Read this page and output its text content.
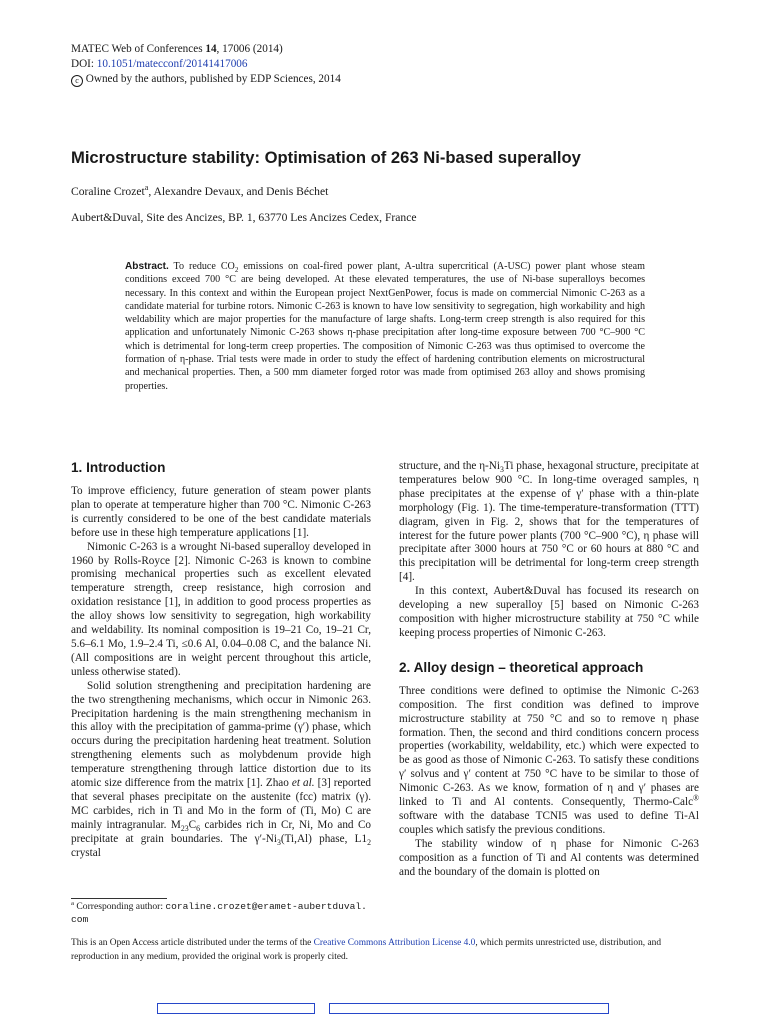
MATEC Web of Conferences 14, 17006 (2014)
DOI: 10.1051/matecconf/20141417006
c Owned by the authors, published by EDP Sciences, 2014
Microstructure stability: Optimisation of 263 Ni-based superalloy
Coraline Crozet$^a$, Alexandre Devaux, and Denis Béchet
Aubert&Duval, Site des Ancizes, BP. 1, 63770 Les Ancizes Cedex, France

Abstract. To reduce $CO_2$ emissions on coal-fired power plant, A-ultra supercritical (A-USC) power plant whose steam conditions exceed 700 °C are being developed. At these elevated temperatures, the use of Ni-base superalloys becomes necessary. In this context and within the European project NextGenPower, focus is made on commercial Nimonic C-263 as a candidate material for turbine rotors. Nimonic C-263 is known to have low sensitivity to segregation, high workability and high weldability which are major properties for the manufacture of large shafts. Long-term creep strength is also required for this application and unfortunately Nimonic C-263 shows η-phase precipitation after long-time exposure between 700 °C–900 °C which is detrimental for long-term creep properties. The composition of Nimonic C-263 was thus optimised to overcome the formation of η-phase. Trial tests were made in order to study the effect of hardening contribution elements on microstructural and mechanical properties. Then, a 500 mm diameter forged rotor was made from optimised 263 alloy and shows promising properties.

1. Introduction

To improve efficiency, future generation of steam power plants plan to operate at temperature higher than 700 °C. Nimonic C-263 is currently considered to be one of the best candidate materials before use in these high temperature applications [1].

Nimonic C-263 is a wrought Ni-based superalloy developed in 1960 by Rolls-Royce [2]. Nimonic C-263 is known to combine promising mechanical properties such as excellent elevated temperature strength, creep resistance, high corrosion and oxidation resistance [1], in addition to good process properties as the alloy shows low sensitivity to segregation, high workability and weldability. Its nominal composition is 19–21 Co, 19–21 Cr, 5.6–6.1 Mo, 1.9–2.4 Ti, ≤0.6 Al, 0.04–0.08 C, and the balance Ni. (All compositions are in weight percent throughout this article, unless otherwise stated).

Solid solution strengthening and precipitation hardening are the two strengthening mechanisms, which occur in Nimonic 263. Precipitation hardening is the main strengthening mechanism in this alloy with the precipitation of gamma-prime (γ′) phase, which occurs during the precipitation hardening heat treatment. Solution strengthening elements such as molybdenum provide high temperature strengthening through lattice distortion due to its atomic size difference from the matrix [1]. Zhao et al. [3] reported that several phases precipitate on the austenite (fcc) matrix (γ). MC carbides, rich in Ti and Mo in the form of (Ti, Mo) C are mainly intragranular. $M_{23}C_6$ carbides rich in Cr, Ni, Mo and Co precipitate at grain boundaries. The $\gamma'-Ni_3(Ti,Al)$ phase, $L1_2$ crystal

structure, and the $\eta-Ni_3Ti$ phase, hexagonal structure, precipitate at temperatures below 900 °C. In long-time overaged samples, η phase precipitates at the expense of γ′ phase with a thin-plate morphology (Fig. 1). The time-temperature-transformation (TTT) diagram, given in Fig. 2, shows that for the temperatures of interest for the future power plants (700 °C–900 °C), η phase will precipitate after 3000 hours at 750 °C or 60 hours at 880 °C and this precipitation will be detrimental for long-term creep strength [4].

In this context, Aubert&Duval has focused its research on developing a new superalloy [5] based on Nimonic C-263 composition with higher microstructure stability at 750 °C while keeping process properties of Nimonic C-263.

2. Alloy design – theoretical approach

Three conditions were defined to optimise the Nimonic C-263 composition. The first condition was defined to improve microstructure stability at 750 °C and so to remove η phase formation. Then, the second and third conditions concern process properties (workability, weldability, etc.) which were expected to be as good as those of Nimonic C-263. To satisfy these conditions γ′ solvus and γ′ content at 750 °C have to be similar to those of Nimonic C-263. As we know, formation of η and γ′ phases are linked to Ti and Al contents. Consequently, Thermo-Calc® software with the database TCNI5 was used to define Ti-Al couples which satisfy the previous conditions.

The stability window of η phase for Nimonic C-263 composition as a function of Ti and Al contents was determined and the boundary of the domain is plotted on

$^a$ Corresponding author: coraline.crozet@eramet-aubertduval.com
This is an Open Access article distributed under the terms of the Creative Commons Attribution License 4.0, which permits unrestricted use, distribution, and reproduction in any medium, provided the original work is properly cited.
